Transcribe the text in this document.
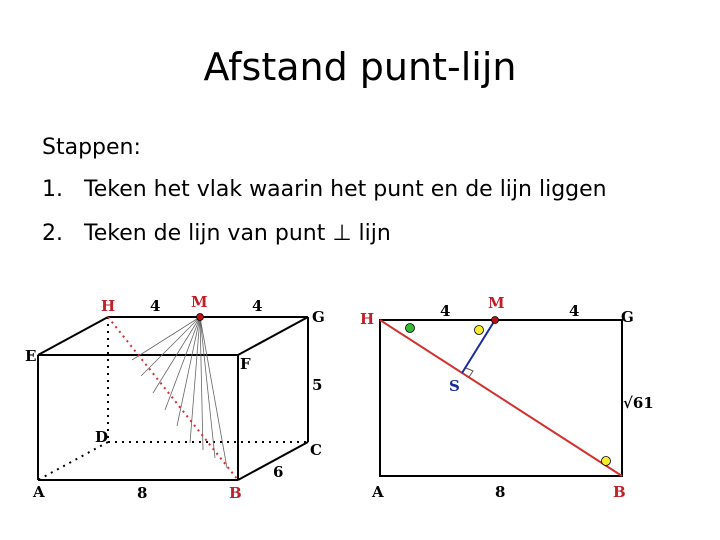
Afstand punt-lijn
Stappen:
1. Teken het vlak waarin het punt en de lijn liggen
2. Teken de lijn van punt ⊥ lijn
H	M
G
E	F
D
C
A	B
4	4
5
6
8
H
M
G
S
A	B
4	4
√61
8
